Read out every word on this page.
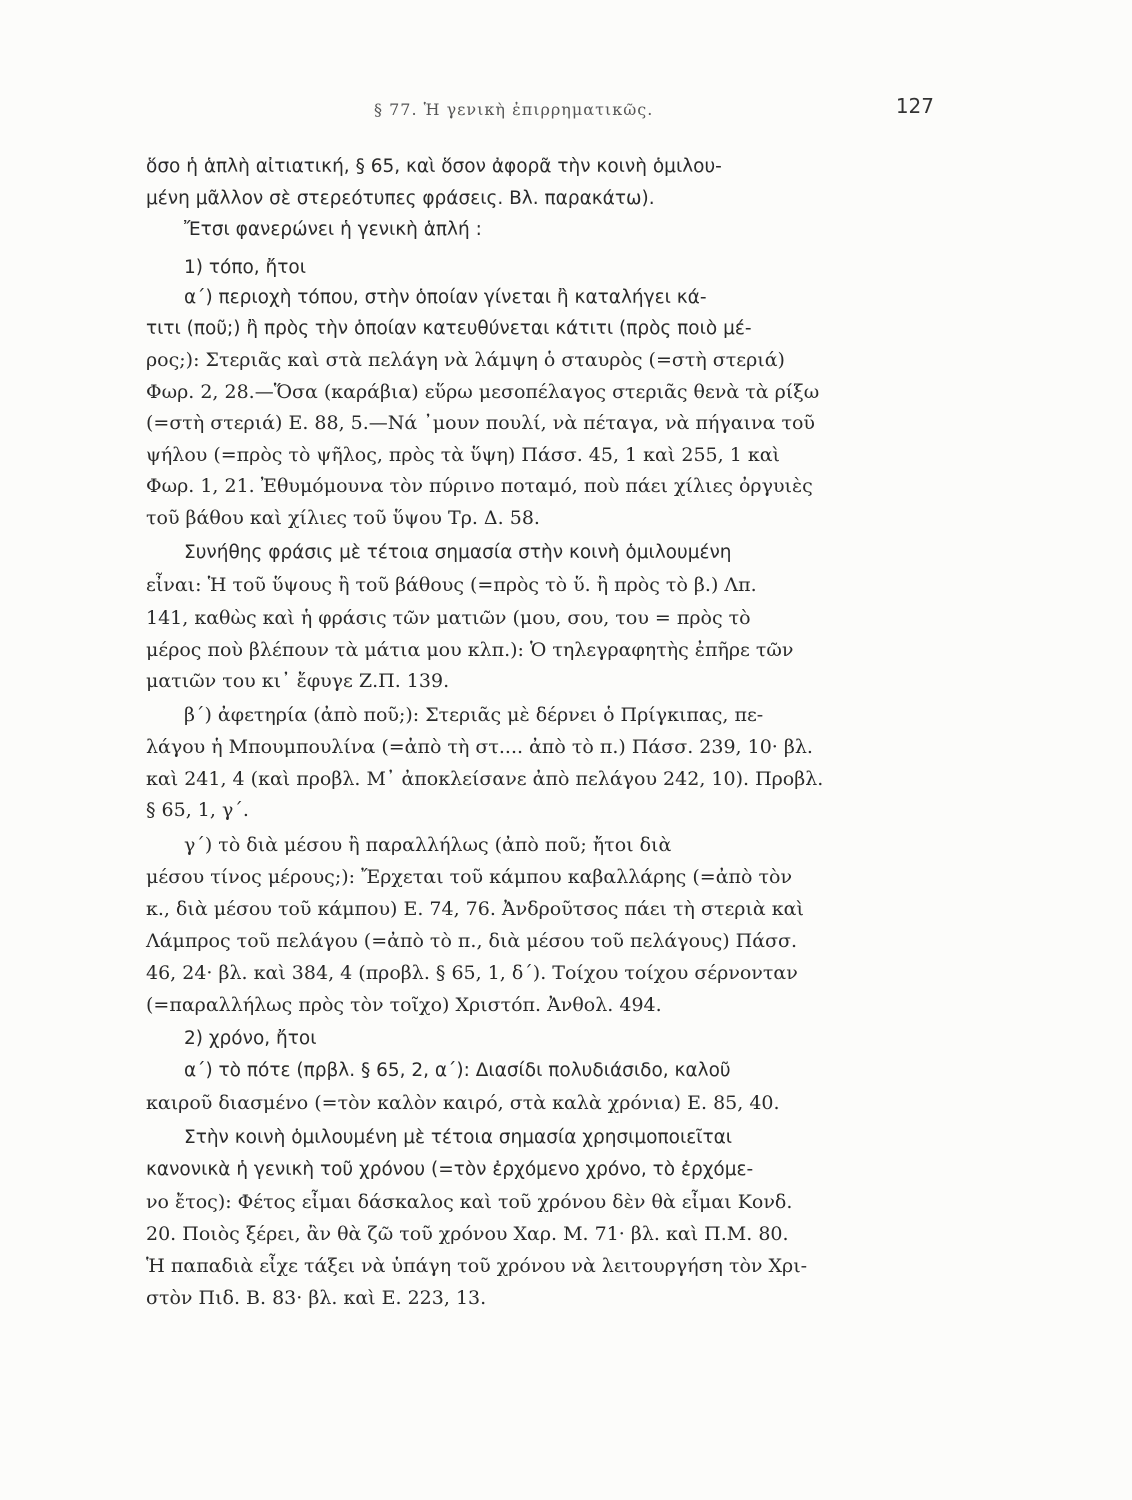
§ 77. Ἡ γενικὴ ἐπιρρηματικῶς.	127
ὅσο ἡ ἁπλὴ αἰτιατική, § 65, καὶ ὅσον ἀφορᾶ τὴν κοινὴ ὁμιλου-
μένη μᾶλλον σὲ στερεότυπες φράσεις. Βλ. παρακάτω).
Ἔτσι φανερώνει ἡ γενικὴ ἁπλή :
1) τόπο, ἤτοι
α΄) περιοχὴ τόπου, στὴν ὁποίαν γίνεται ἢ καταλήγει κά-
τιτι (ποῦ;) ἢ πρὸς τὴν ὁποίαν κατευθύνεται κάτιτι (πρὸς ποιὸ μέ-
ρος;): Στεριᾶς καὶ στὰ πελάγη νὰ λάμψη ὁ σταυρὸς (=στὴ στεριά)
Φωρ. 2, 28.—Ὅσα (καράβια) εὕρω μεσοπέλαγος στεριᾶς θενὰ τὰ ρίξω
(=στὴ στεριά) Ε. 88, 5.—Νά ᾿μουν πουλί, νὰ πέταγα, νὰ πήγαινα τοῦ
ψήλου (=πρὸς τὸ ψῆλος, πρὸς τὰ ὕψη) Πάσσ. 45, 1 καὶ 255, 1 καὶ
Φωρ. 1, 21. Ἐθυμόμουνα τὸν πύρινο ποταμό, ποὺ πάει χίλιες ὀργυιὲς
τοῦ βάθου καὶ χίλιες τοῦ ὕψου Τρ. Δ. 58.
Συνήθης φράσις μὲ τέτοια σημασία στὴν κοινὴ ὁμιλουμένη
εἶναι: Ἡ τοῦ ὕψους ἢ τοῦ βάθους (=πρὸς τὸ ὕ. ἢ πρὸς τὸ β.) Λπ.
141, καθὼς καὶ ἡ φράσις τῶν ματιῶν (μου, σου, του = πρὸς τὸ
μέρος ποὺ βλέπουν τὰ μάτια μου κλπ.): Ὁ τηλεγραφητὴς ἐπῆρε τῶν
ματιῶν του κι᾿ ἔφυγε Ζ.Π. 139.
β΄) ἀφετηρία (ἀπὸ ποῦ;): Στεριᾶς μὲ δέρνει ὁ Πρίγκιπας, πε-
λάγου ἡ Μπουμπουλίνα (=ἀπὸ τὴ στ.... ἀπὸ τὸ π.) Πάσσ. 239, 10· βλ.
καὶ 241, 4 (καὶ προβλ. Μ᾿ ἀποκλείσανε ἀπὸ πελάγου 242, 10). Προβλ.
§ 65, 1, γ΄.
γ΄) τὸ διὰ μέσου ἢ παραλλήλως (ἀπὸ ποῦ; ἤτοι διὰ
μέσου τίνος μέρους;): Ἔρχεται τοῦ κάμπου καβαλλάρης (=ἀπὸ τὸν
κ., διὰ μέσου τοῦ κάμπου) Ε. 74, 76. Ἀνδροῦτσος πάει τὴ στεριὰ καὶ
Λάμπρος τοῦ πελάγου (=ἀπὸ τὸ π., διὰ μέσου τοῦ πελάγους) Πάσσ.
46, 24· βλ. καὶ 384, 4 (προβλ. § 65, 1, δ΄). Τοίχου τοίχου σέρνονταν
(=παραλλήλως πρὸς τὸν τοῖχο) Χριστόπ. Ἀνθολ. 494.
2) χρόνο, ἤτοι
α΄) τὸ πότε (πρβλ. § 65, 2, α΄): Διασίδι πολυδιάσιδο, καλοῦ
καιροῦ διασμένο (=τὸν καλὸν καιρό, στὰ καλὰ χρόνια) Ε. 85, 40.
Στὴν κοινὴ ὁμιλουμένη μὲ τέτοια σημασία χρησιμοποιεῖται
κανονικὰ ἡ γενικὴ τοῦ χρόνου (=τὸν ἐρχόμενο χρόνο, τὸ ἐρχόμε-
νο ἔτος): Φέτος εἶμαι δάσκαλος καὶ τοῦ χρόνου δὲν θὰ εἶμαι Κονδ.
20. Ποιὸς ξέρει, ἂν θὰ ζῶ τοῦ χρόνου Χαρ. Μ. 71· βλ. καὶ Π.Μ. 80.
Ἡ παπαδιὰ εἶχε τάξει νὰ ὑπάγη τοῦ χρόνου νὰ λειτουργήση τὸν Χρι-
στὸν Πιδ. Β. 83· βλ. καὶ Ε. 223, 13.
